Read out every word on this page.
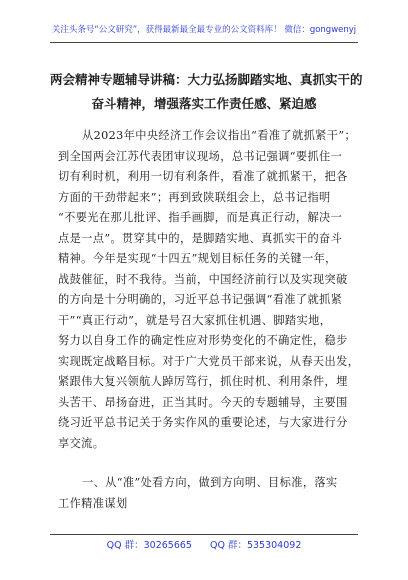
关注头条号“公文研究”，获得最新最全最专业的公文资料库！ 微信：gongwenyj
两会精神专题辅导讲稿：大力弘扬脚踏实地、真抓实干的
奋斗精神，增强落实工作责任感、紧迫感
从2023年中央经济工作会议指出“看准了就抓紧干”；
到全国两会江苏代表团审议现场，总书记强调“要抓住一
切有利时机，利用一切有利条件，看准了就抓紧干，把各
方面的干劲带起来”；再到致陕联组会上，总书记指明
“不要光在那儿批评、指手画脚，而是真正行动，解决一
点是一点”。贯穿其中的，是脚踏实地、真抓实干的奋斗
精神。今年是实现“十四五”规划目标任务的关键一年，
战鼓催征，时不我待。当前，中国经济前行以及实现突破
的方向是十分明确的，习近平总书记强调“看准了就抓紧
干”“真正行动”，就是号召大家抓住机遇、脚踏实地，
努力以自身工作的确定性应对形势变化的不确定性，稳步
实现既定战略目标。对于广大党员干部来说，从春天出发，
紧跟伟大复兴领航人踔厉笃行，抓住时机、利用条件，埋
头苦干、昂扬奋进，正当其时。今天的专题辅导，主要围
绕习近平总书记关于务实作风的重要论述，与大家进行分
享交流。
一、从“准”处看方向，做到方向明、目标准，落实
工作精准谋划
QQ 群：30265665 QQ 群：535304092
